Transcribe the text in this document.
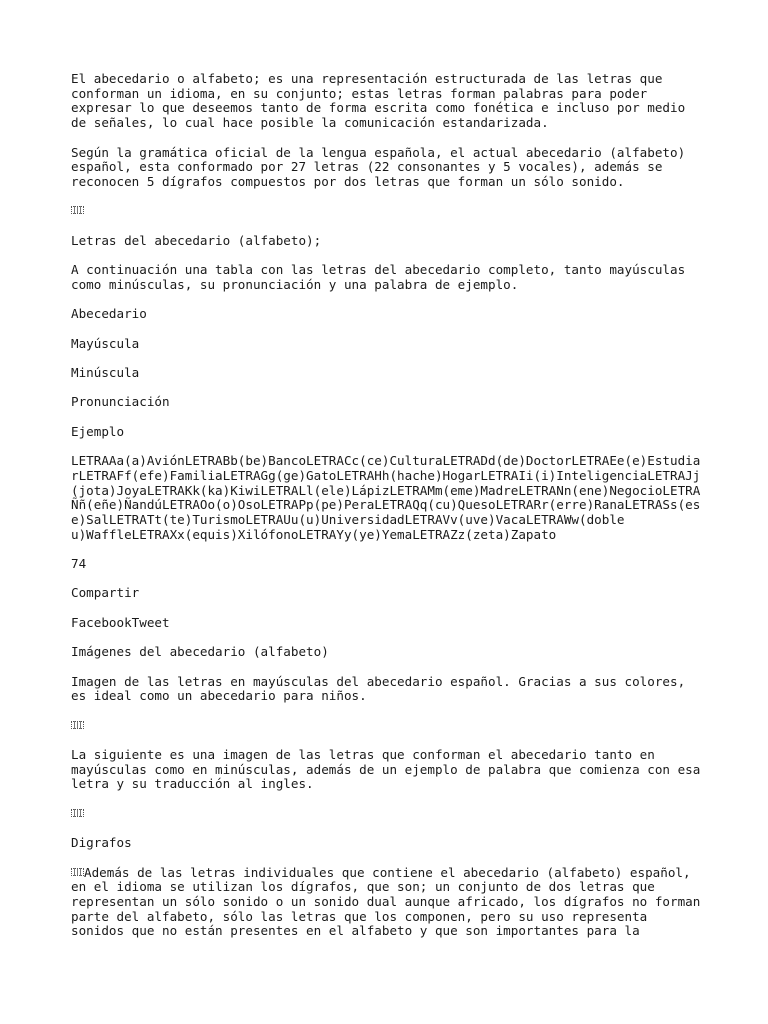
El abecedario o alfabeto; es una representación estructurada de las letras que
conforman un idioma, en su conjunto; estas letras forman palabras para poder
expresar lo que deseemos tanto de forma escrita como fonética e incluso por medio
de señales, lo cual hace posible la comunicación estandarizada.

Según la gramática oficial de la lengua española, el actual abecedario (alfabeto)
español, esta conformado por 27 letras (22 consonantes y 5 vocales), además se
reconocen 5 dígrafos compuestos por dos letras que forman un sólo sonido.

Letras del abecedario (alfabeto);

A continuación una tabla con las letras del abecedario completo, tanto mayúsculas
como minúsculas, su pronunciación y una palabra de ejemplo.

Abecedario

Mayúscula

Minúscula

Pronunciación

Ejemplo

LETRAAa(a)AviónLETRABb(be)BancoLETRACc(ce)CulturaLETRADd(de)DoctorLETRAEe(e)Estudia
rLETRAFf(efe)FamiliaLETRAGg(ge)GatoLETRAHh(hache)HogarLETRAIi(i)InteligenciaLETRAJj
(jota)JoyaLETRAKk(ka)KiwiLETRALl(ele)LápizLETRAMm(eme)MadreLETRANn(ene)NegocioLETRA
Ññ(eñe)ÑandúLETRAOo(o)OsoLETRAPp(pe)PeraLETRAQq(cu)QuesoLETRARr(erre)RanaLETRASs(es
e)SalLETRATt(te)TurismoLETRAUu(u)UniversidadLETRAVv(uve)VacaLETRAWw(doble
u)WaffleLETRAXx(equis)XilófonoLETRAYy(ye)YemaLETRAZz(zeta)Zapato

74

Compartir

FacebookTweet

Imágenes del abecedario (alfabeto)

Imagen de las letras en mayúsculas del abecedario español. Gracias a sus colores,
es ideal como un abecedario para niños.

La siguiente es una imagen de las letras que conforman el abecedario tanto en
mayúsculas como en minúsculas, además de un ejemplo de palabra que comienza con esa
letra y su traducción al ingles.

Digrafos

Además de las letras individuales que contiene el abecedario (alfabeto) español,
en el idioma se utilizan los dígrafos, que son; un conjunto de dos letras que
representan un sólo sonido o un sonido dual aunque africado, los dígrafos no forman
parte del alfabeto, sólo las letras que los componen, pero su uso representa
sonidos que no están presentes en el alfabeto y que son importantes para la
